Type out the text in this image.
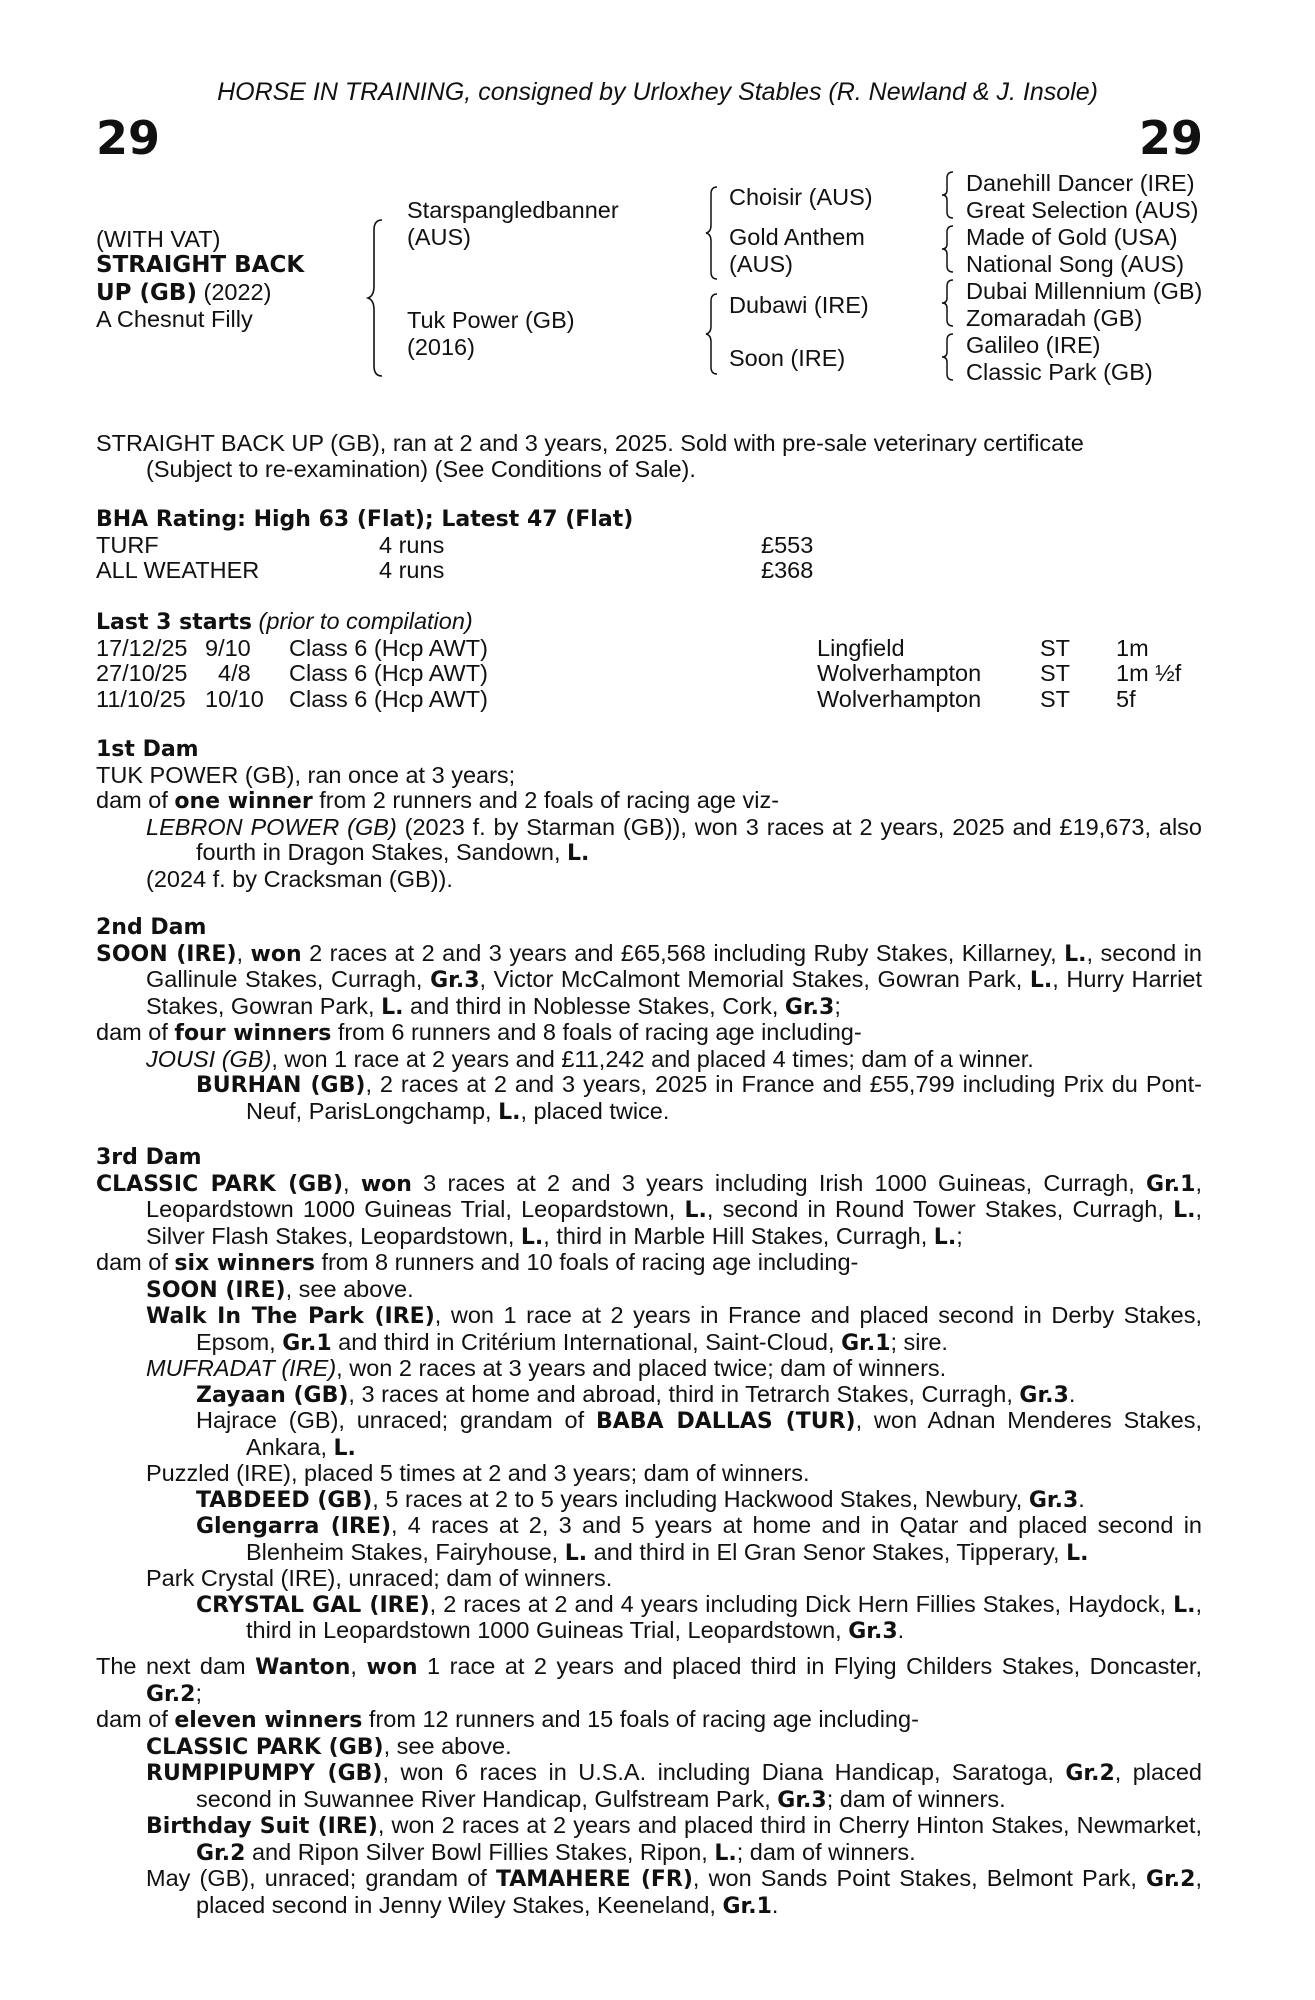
HORSE IN TRAINING, consigned by Urloxhey Stables (R. Newland & J. Insole)
29	29
(WITH VAT)
STRAIGHT BACK
UP (GB) (2022)
A Chesnut Filly
Starspangledbanner
(AUS)
Tuk Power (GB)
(2016)
Choisir (AUS)
Gold Anthem
(AUS)
Dubawi (IRE)
Soon (IRE)
Danehill Dancer (IRE)
Great Selection (AUS)
Made of Gold (USA)
National Song (AUS)
Dubai Millennium (GB)
Zomaradah (GB)
Galileo (IRE)
Classic Park (GB)
STRAIGHT BACK UP (GB), ran at 2 and 3 years, 2025. Sold with pre-sale veterinary certificate
(Subject to re-examination) (See Conditions of Sale).
BHA Rating: High 63 (Flat); Latest 47 (Flat)
TURF	4 runs	£553
ALL WEATHER	4 runs	£368
Last 3 starts (prior to compilation)
17/12/25 9/10 Class 6 (Hcp AWT)	Lingfield	ST 1m
27/10/25 4/8 Class 6 (Hcp AWT)	Wolverhampton	ST 1m ½f
11/10/25 10/10 Class 6 (Hcp AWT)	Wolverhampton	ST 5f
1st Dam
TUK POWER (GB), ran once at 3 years;
dam of one winner from 2 runners and 2 foals of racing age viz-
LEBRON POWER (GB) (2023 f. by Starman (GB)), won 3 races at 2 years, 2025 and £19,673, also fourth in Dragon Stakes, Sandown, L.
(2024 f. by Cracksman (GB)).
2nd Dam
SOON (IRE), won 2 races at 2 and 3 years and £65,568 including Ruby Stakes, Killarney, L., second in Gallinule Stakes, Curragh, Gr.3, Victor McCalmont Memorial Stakes, Gowran Park, L., Hurry Harriet Stakes, Gowran Park, L. and third in Noblesse Stakes, Cork, Gr.3;
dam of four winners from 6 runners and 8 foals of racing age including-
JOUSI (GB), won 1 race at 2 years and £11,242 and placed 4 times; dam of a winner.
BURHAN (GB), 2 races at 2 and 3 years, 2025 in France and £55,799 including Prix du Pont-Neuf, ParisLongchamp, L., placed twice.
3rd Dam
CLASSIC PARK (GB), won 3 races at 2 and 3 years including Irish 1000 Guineas, Curragh, Gr.1, Leopardstown 1000 Guineas Trial, Leopardstown, L., second in Round Tower Stakes, Curragh, L., Silver Flash Stakes, Leopardstown, L., third in Marble Hill Stakes, Curragh, L.;
dam of six winners from 8 runners and 10 foals of racing age including-
SOON (IRE), see above.
Walk In The Park (IRE), won 1 race at 2 years in France and placed second in Derby Stakes, Epsom, Gr.1 and third in Critérium International, Saint-Cloud, Gr.1; sire.
MUFRADAT (IRE), won 2 races at 3 years and placed twice; dam of winners.
Zayaan (GB), 3 races at home and abroad, third in Tetrarch Stakes, Curragh, Gr.3.
Hajrace (GB), unraced; grandam of BABA DALLAS (TUR), won Adnan Menderes Stakes, Ankara, L.
Puzzled (IRE), placed 5 times at 2 and 3 years; dam of winners.
TABDEED (GB), 5 races at 2 to 5 years including Hackwood Stakes, Newbury, Gr.3.
Glengarra (IRE), 4 races at 2, 3 and 5 years at home and in Qatar and placed second in Blenheim Stakes, Fairyhouse, L. and third in El Gran Senor Stakes, Tipperary, L.
Park Crystal (IRE), unraced; dam of winners.
CRYSTAL GAL (IRE), 2 races at 2 and 4 years including Dick Hern Fillies Stakes, Haydock, L., third in Leopardstown 1000 Guineas Trial, Leopardstown, Gr.3.
The next dam Wanton, won 1 race at 2 years and placed third in Flying Childers Stakes, Doncaster, Gr.2;
dam of eleven winners from 12 runners and 15 foals of racing age including-
CLASSIC PARK (GB), see above.
RUMPIPUMPY (GB), won 6 races in U.S.A. including Diana Handicap, Saratoga, Gr.2, placed second in Suwannee River Handicap, Gulfstream Park, Gr.3; dam of winners.
Birthday Suit (IRE), won 2 races at 2 years and placed third in Cherry Hinton Stakes, Newmarket, Gr.2 and Ripon Silver Bowl Fillies Stakes, Ripon, L.; dam of winners.
May (GB), unraced; grandam of TAMAHERE (FR), won Sands Point Stakes, Belmont Park, Gr.2, placed second in Jenny Wiley Stakes, Keeneland, Gr.1.
